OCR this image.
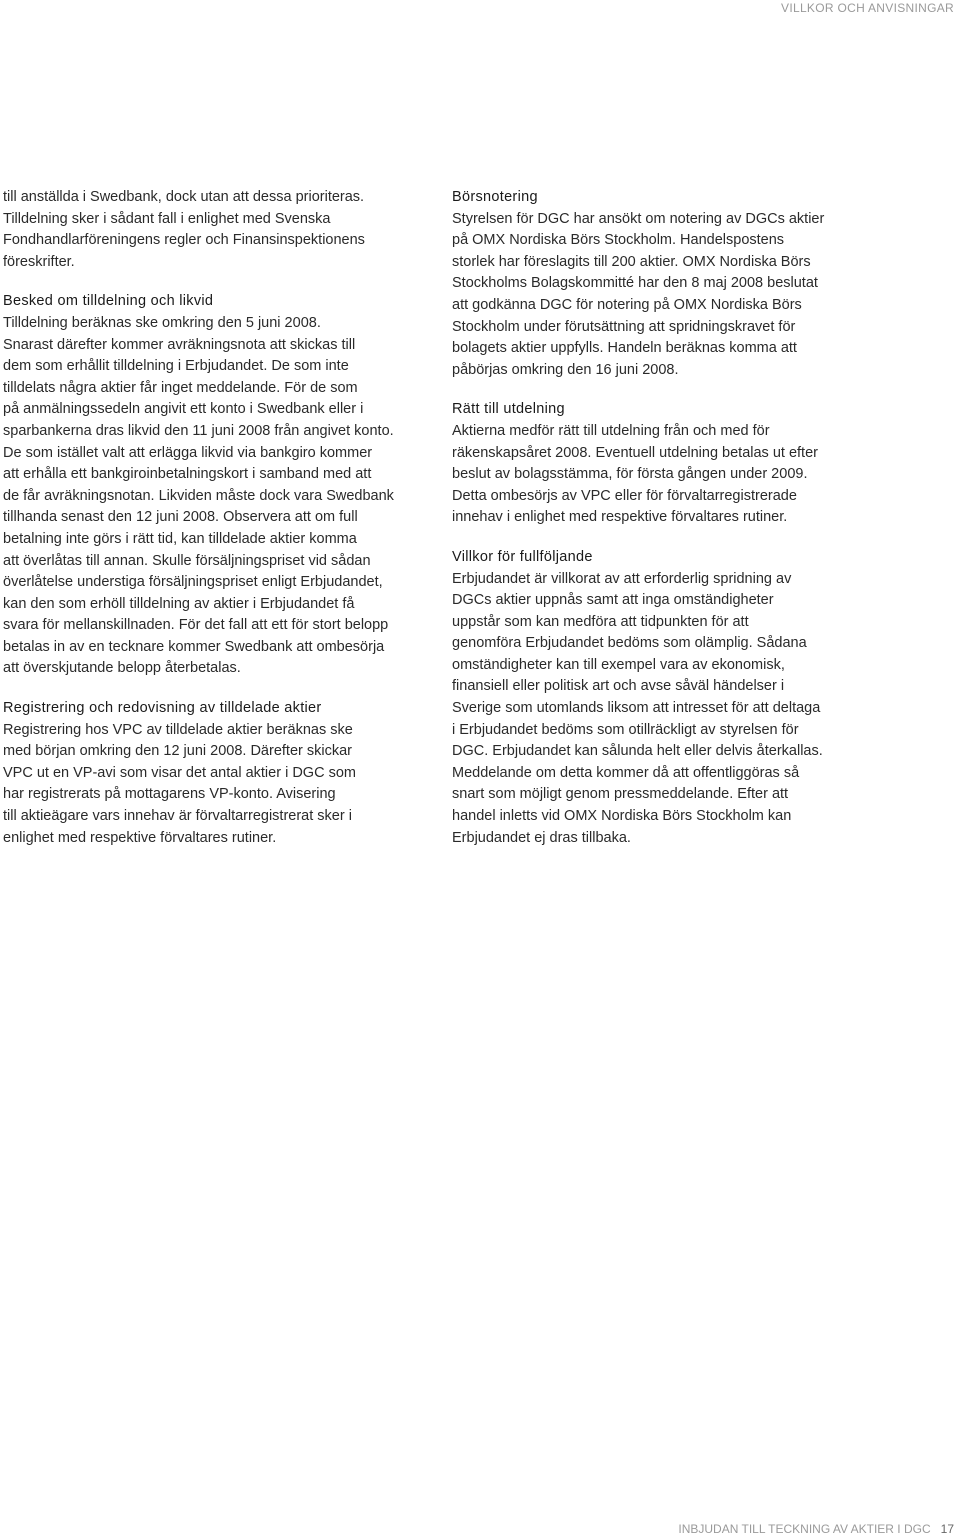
VILLKOR OCH ANVISNINGAR

till anställda i Swedbank, dock utan att dessa prioriteras.
Tilldelning sker i sådant fall i enlighet med Svenska
Fondhandlarföreningens regler och Finansinspektionens
föreskrifter.

Besked om tilldelning och likvid

Tilldelning beräknas ske omkring den 5 juni 2008.
Snarast därefter kommer avräkningsnota att skickas till
dem som erhållit tilldelning i Erbjudandet. De som inte
tilldelats några aktier får inget meddelande. För de som
på anmälningssedeln angivit ett konto i Swedbank eller i
sparbankerna dras likvid den 11 juni 2008 från angivet konto.
De som istället valt att erlägga likvid via bankgiro kommer
att erhålla ett bankgiroinbetalningskort i samband med att
de får avräkningsnotan. Likviden måste dock vara Swedbank
tillhanda senast den 12 juni 2008. Observera att om full
betalning inte görs i rätt tid, kan tilldelade aktier komma
att överlåtas till annan. Skulle försäljningspriset vid sådan
överlåtelse understiga försäljningspriset enligt Erbjudandet,
kan den som erhöll tilldelning av aktier i Erbjudandet få
svara för mellanskillnaden. För det fall att ett för stort belopp
betalas in av en tecknare kommer Swedbank att ombesörja
att överskjutande belopp återbetalas.

Registrering och redovisning av tilldelade aktier

Registrering hos VPC av tilldelade aktier beräknas ske
med början omkring den 12 juni 2008. Därefter skickar
VPC ut en VP-avi som visar det antal aktier i DGC som
har registrerats på mottagarens VP-konto. Avisering
till aktieägare vars innehav är förvaltarregistrerat sker i
enlighet med respektive förvaltares rutiner.

Börsnotering

Styrelsen för DGC har ansökt om notering av DGCs aktier
på OMX Nordiska Börs Stockholm. Handelspostens
storlek har föreslagits till 200 aktier. OMX Nordiska Börs
Stockholms Bolagskommitté har den 8 maj 2008 beslutat
att godkänna DGC för notering på OMX Nordiska Börs
Stockholm under förutsättning att spridningskravet för
bolagets aktier uppfylls. Handeln beräknas komma att
påbörjas omkring den 16 juni 2008.

Rätt till utdelning

Aktierna medför rätt till utdelning från och med för
räkenskapsåret 2008. Eventuell utdelning betalas ut efter
beslut av bolagsstämma, för första gången under 2009.
Detta ombesörjs av VPC eller för förvaltarregistrerade
innehav i enlighet med respektive förvaltares rutiner.

Villkor för fullföljande

Erbjudandet är villkorat av att erforderlig spridning av
DGCs aktier uppnås samt att inga omständigheter
uppstår som kan medföra att tidpunkten för att
genomföra Erbjudandet bedöms som olämplig. Sådana
omständigheter kan till exempel vara av ekonomisk,
finansiell eller politisk art och avse såväl händelser i
Sverige som utomlands liksom att intresset för att deltaga
i Erbjudandet bedöms som otillräckligt av styrelsen för
DGC. Erbjudandet kan sålunda helt eller delvis återkallas.
Meddelande om detta kommer då att offentliggöras så
snart som möjligt genom pressmeddelande. Efter att
handel inletts vid OMX Nordiska Börs Stockholm kan
Erbjudandet ej dras tillbaka.

INBJUDAN TILL TECKNING AV AKTIER I DGC 17
